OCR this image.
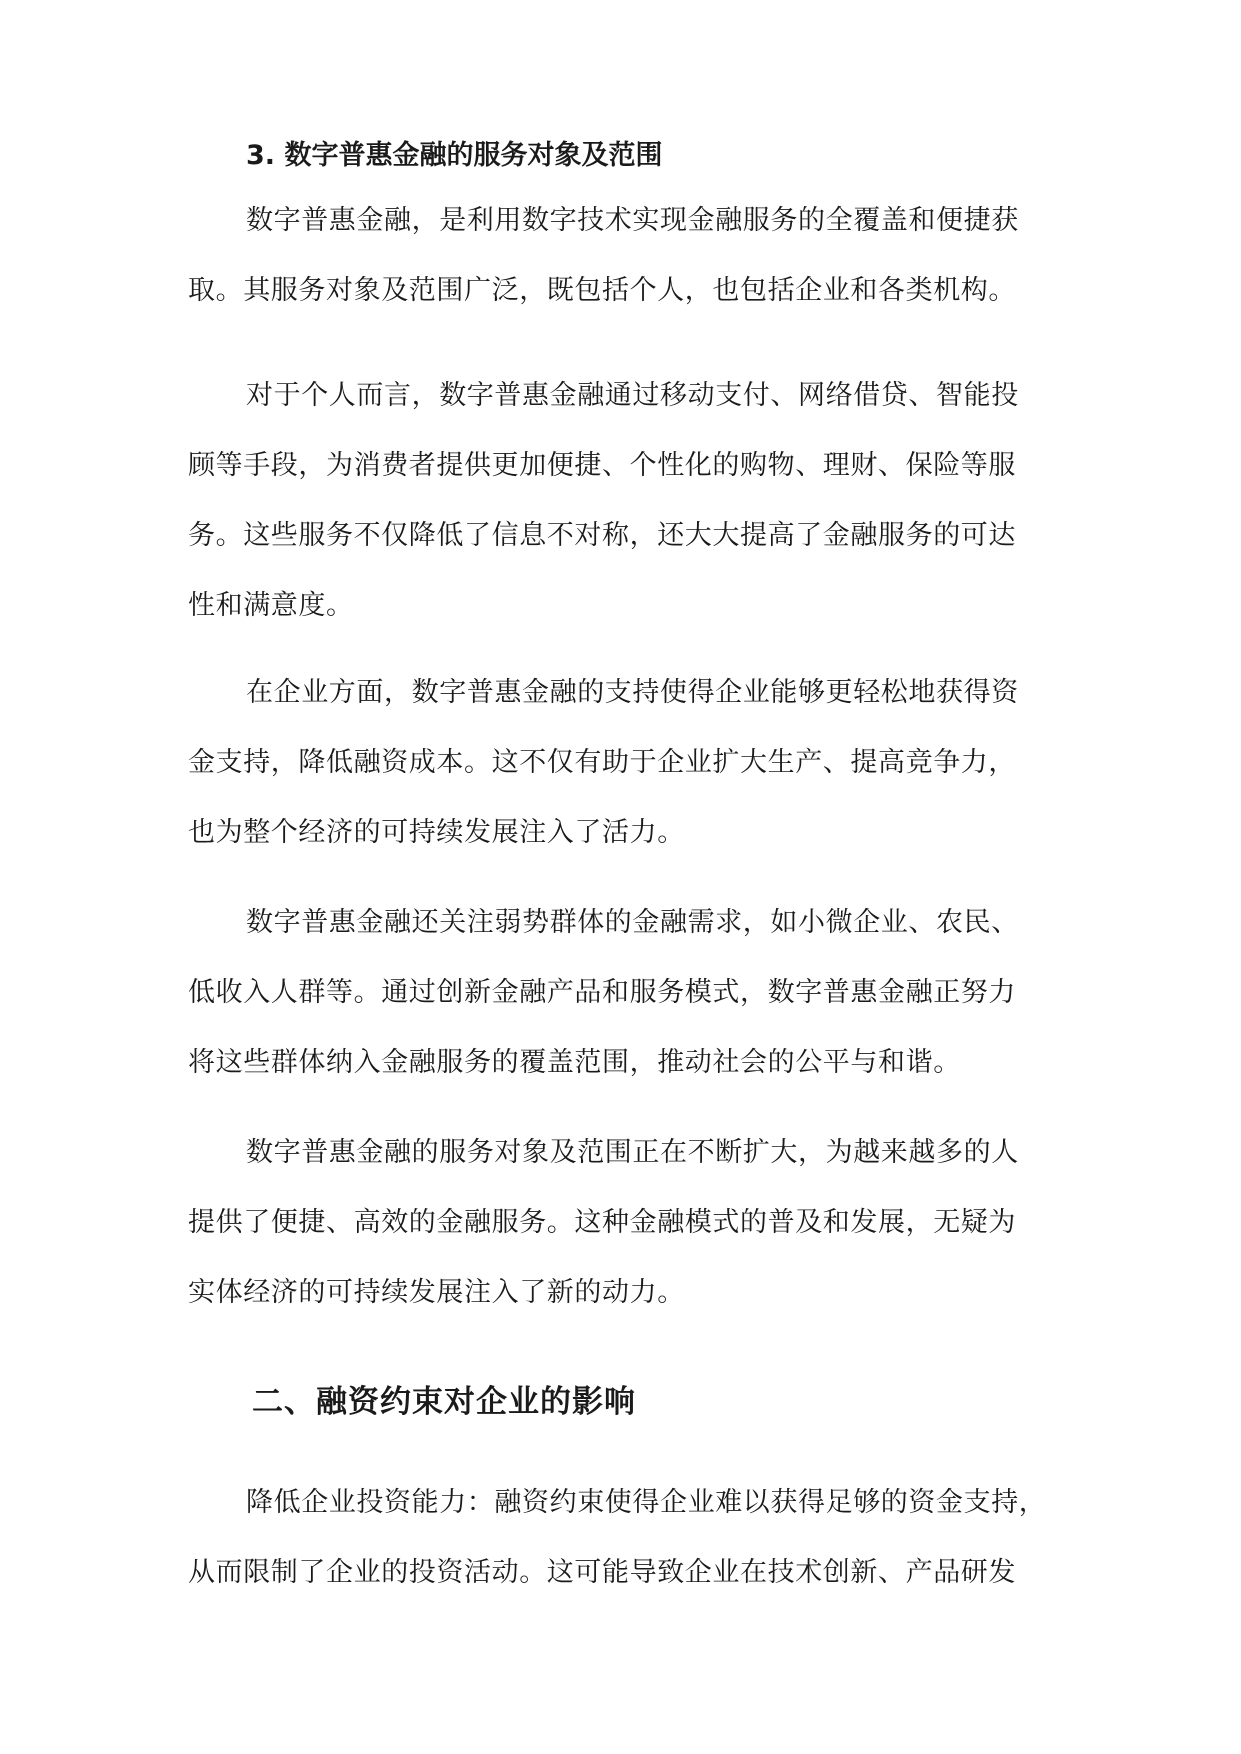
3. 数字普惠金融的服务对象及范围
数字普惠金融，是利用数字技术实现金融服务的全覆盖和便捷获
取。其服务对象及范围广泛，既包括个人，也包括企业和各类机构。
对于个人而言，数字普惠金融通过移动支付、网络借贷、智能投
顾等手段，为消费者提供更加便捷、个性化的购物、理财、保险等服
务。这些服务不仅降低了信息不对称，还大大提高了金融服务的可达
性和满意度。
在企业方面，数字普惠金融的支持使得企业能够更轻松地获得资
金支持，降低融资成本。这不仅有助于企业扩大生产、提高竞争力，
也为整个经济的可持续发展注入了活力。
数字普惠金融还关注弱势群体的金融需求，如小微企业、农民、
低收入人群等。通过创新金融产品和服务模式，数字普惠金融正努力
将这些群体纳入金融服务的覆盖范围，推动社会的公平与和谐。
数字普惠金融的服务对象及范围正在不断扩大，为越来越多的人
提供了便捷、高效的金融服务。这种金融模式的普及和发展，无疑为
实体经济的可持续发展注入了新的动力。
二、融资约束对企业的影响
降低企业投资能力：融资约束使得企业难以获得足够的资金支持，
从而限制了企业的投资活动。这可能导致企业在技术创新、产品研发
